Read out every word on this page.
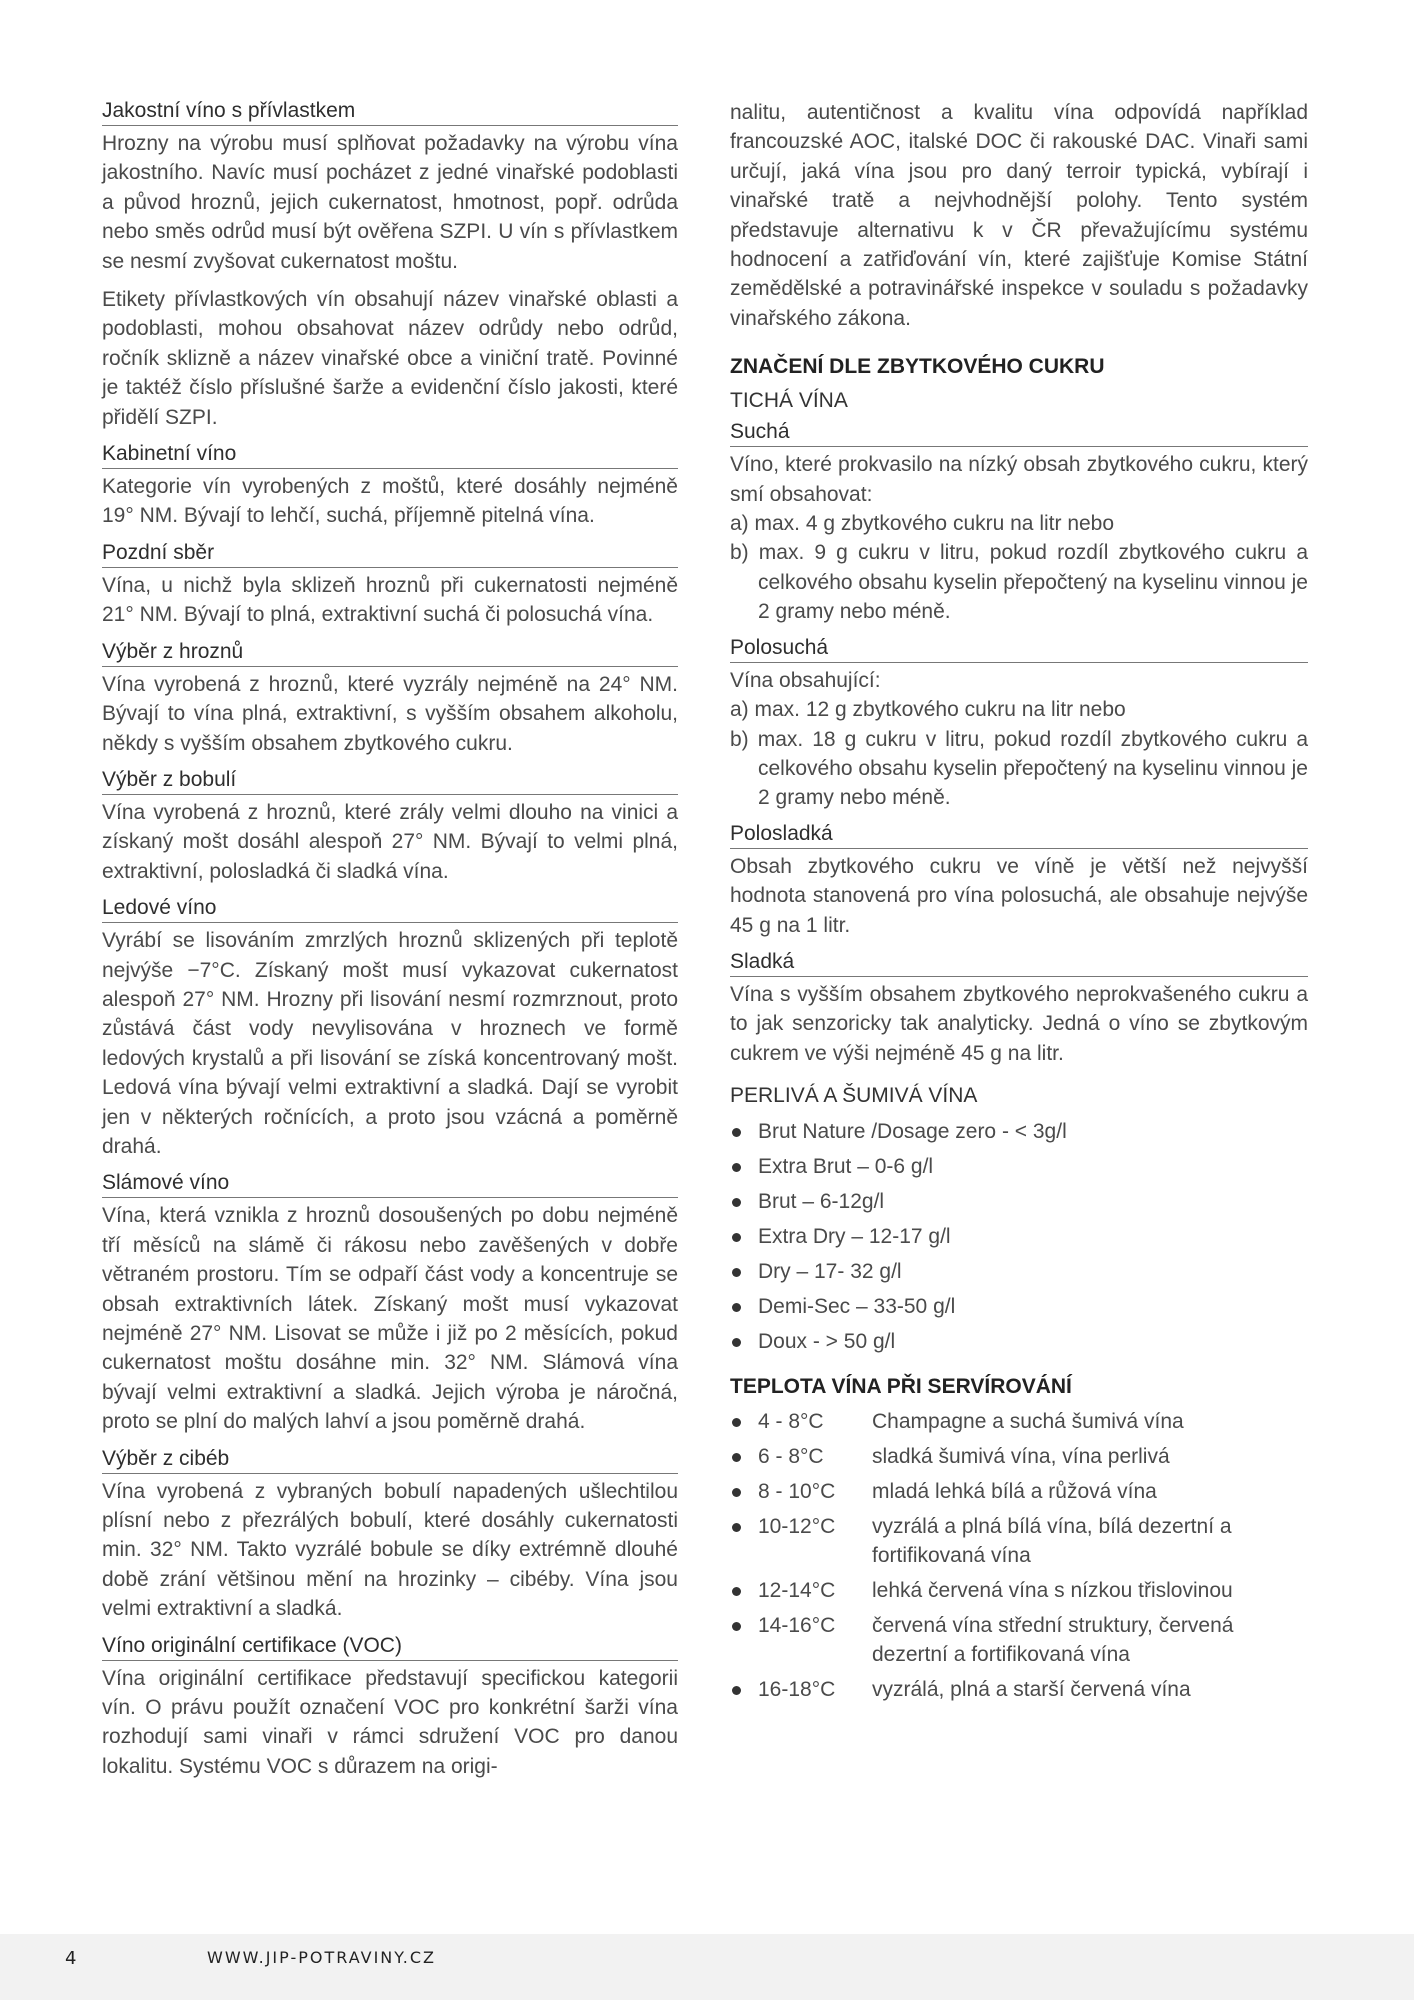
Jakostní víno s přívlastkem

Hrozny na výrobu musí splňovat požadavky na výrobu vína jakostního. Navíc musí pocházet z jedné vinařské podoblasti a původ hroznů, jejich cukernatost, hmotnost, popř. odrůda nebo směs odrůd musí být ověřena SZPI. U vín s přívlastkem se nesmí zvyšovat cukernatost moštu.

Etikety přívlastkových vín obsahují název vinařské oblasti a podoblasti, mohou obsahovat název odrůdy nebo odrůd, ročník sklizně a název vinařské obce a viniční tratě. Povinné je taktéž číslo příslušné šarže a evidenční číslo jakosti, které přidělí SZPI.

Kabinetní víno

Kategorie vín vyrobených z moštů, které dosáhly nejméně 19° NM. Bývají to lehčí, suchá, příjemně pitelná vína.

Pozdní sběr

Vína, u nichž byla sklizeň hroznů při cukernatosti nejméně 21° NM. Bývají to plná, extraktivní suchá či polosuchá vína.

Výběr z hroznů

Vína vyrobená z hroznů, které vyzrály nejméně na 24° NM. Bývají to vína plná, extraktivní, s vyšším obsahem alkoholu, někdy s vyšším obsahem zbytkového cukru.

Výběr z bobulí

Vína vyrobená z hroznů, které zrály velmi dlouho na vinici a získaný mošt dosáhl alespoň 27° NM. Bývají to velmi plná, extraktivní, polosladká či sladká vína.

Ledové víno

Vyrábí se lisováním zmrzlých hroznů sklizených při teplotě nejvýše −7°C. Získaný mošt musí vykazovat cukernatost alespoň 27° NM. Hrozny při lisování nesmí rozmrznout, proto zůstává část vody nevylisována v hroznech ve formě ledových krystalů a při lisování se získá koncentrovaný mošt. Ledová vína bývají velmi extraktivní a sladká. Dají se vyrobit jen v některých ročnících, a proto jsou vzácná a poměrně drahá.

Slámové víno

Vína, která vznikla z hroznů dosoušených po dobu nejméně tří měsíců na slámě či rákosu nebo zavěšených v dobře větraném prostoru. Tím se odpaří část vody a koncentruje se obsah extraktivních látek. Získaný mošt musí vykazovat nejméně 27° NM. Lisovat se může i již po 2 měsících, pokud cukernatost moštu dosáhne min. 32° NM. Slámová vína bývají velmi extraktivní a sladká. Jejich výroba je náročná, proto se plní do malých lahví a jsou poměrně drahá.

Výběr z cibéb

Vína vyrobená z vybraných bobulí napadených ušlechtilou plísní nebo z přezrálých bobulí, které dosáhly cukernatosti min. 32° NM. Takto vyzrálé bobule se díky extrémně dlouhé době zrání většinou mění na hrozinky – cibéby. Vína jsou velmi extraktivní a sladká.

Víno originální certifikace (VOC)

Vína originální certifikace představují specifickou kategorii vín. O právu použít označení VOC pro konkrétní šarži vína rozhodují sami vinaři v rámci sdružení VOC pro danou lokalitu. Systému VOC s důrazem na origi-

nalitu, autentičnost a kvalitu vína odpovídá například francouzské AOC, italské DOC či rakouské DAC. Vinaři sami určují, jaká vína jsou pro daný terroir typická, vybírají i vinařské tratě a nejvhodnější polohy. Tento systém představuje alternativu k v ČR převažujícímu systému hodnocení a zatřiďování vín, které zajišťuje Komise Státní zemědělské a potravinářské inspekce v souladu s požadavky vinařského zákona.

ZNAČENÍ DLE ZBYTKOVÉHO CUKRU
TICHÁ VÍNA
Suchá

Víno, které prokvasilo na nízký obsah zbytkového cukru, který smí obsahovat:

a) max. 4 g zbytkového cukru na litr nebo
b) max. 9 g cukru v litru, pokud rozdíl zbytkového cukru a celkového obsahu kyselin přepočtený na kyselinu vinnou je 2 gramy nebo méně.
Polosuchá

Vína obsahující:

a) max. 12 g zbytkového cukru na litr nebo
b) max. 18 g cukru v litru, pokud rozdíl zbytkového cukru a celkového obsahu kyselin přepočtený na kyselinu vinnou je 2 gramy nebo méně.
Polosladká

Obsah zbytkového cukru ve víně je větší než nejvyšší hodnota stanovená pro vína polosuchá, ale obsahuje nejvýše 45 g na 1 litr.

Sladká

Vína s vyšším obsahem zbytkového neprokvašeného cukru a to jak senzoricky tak analyticky. Jedná o víno se zbytkovým cukrem ve výši nejméně 45 g na litr.

PERLIVÁ A ŠUMIVÁ VÍNA
Brut Nature /Dosage zero - < 3g/l
Extra Brut – 0-6 g/l
Brut – 6-12g/l
Extra Dry – 12-17 g/l
Dry – 17- 32 g/l
Demi-Sec – 33-50 g/l
Doux - > 50 g/l
TEPLOTA VÍNA PŘI SERVÍROVÁNÍ
4 - 8°C	Champagne a suchá šumivá vína
6 - 8°C	sladká šumivá vína, vína perlivá
8 - 10°C	mladá lehká bílá a růžová vína
10-12°C	vyzrálá a plná bílá vína, bílá dezertní a fortifikovaná vína
12-14°C	lehká červená vína s nízkou třislovinou
14-16°C	červená vína střední struktury, červená dezertní a fortifikovaná vína
16-18°C	vyzrálá, plná a starší červená vína
4	WWW.JIP-POTRAVINY.CZ
